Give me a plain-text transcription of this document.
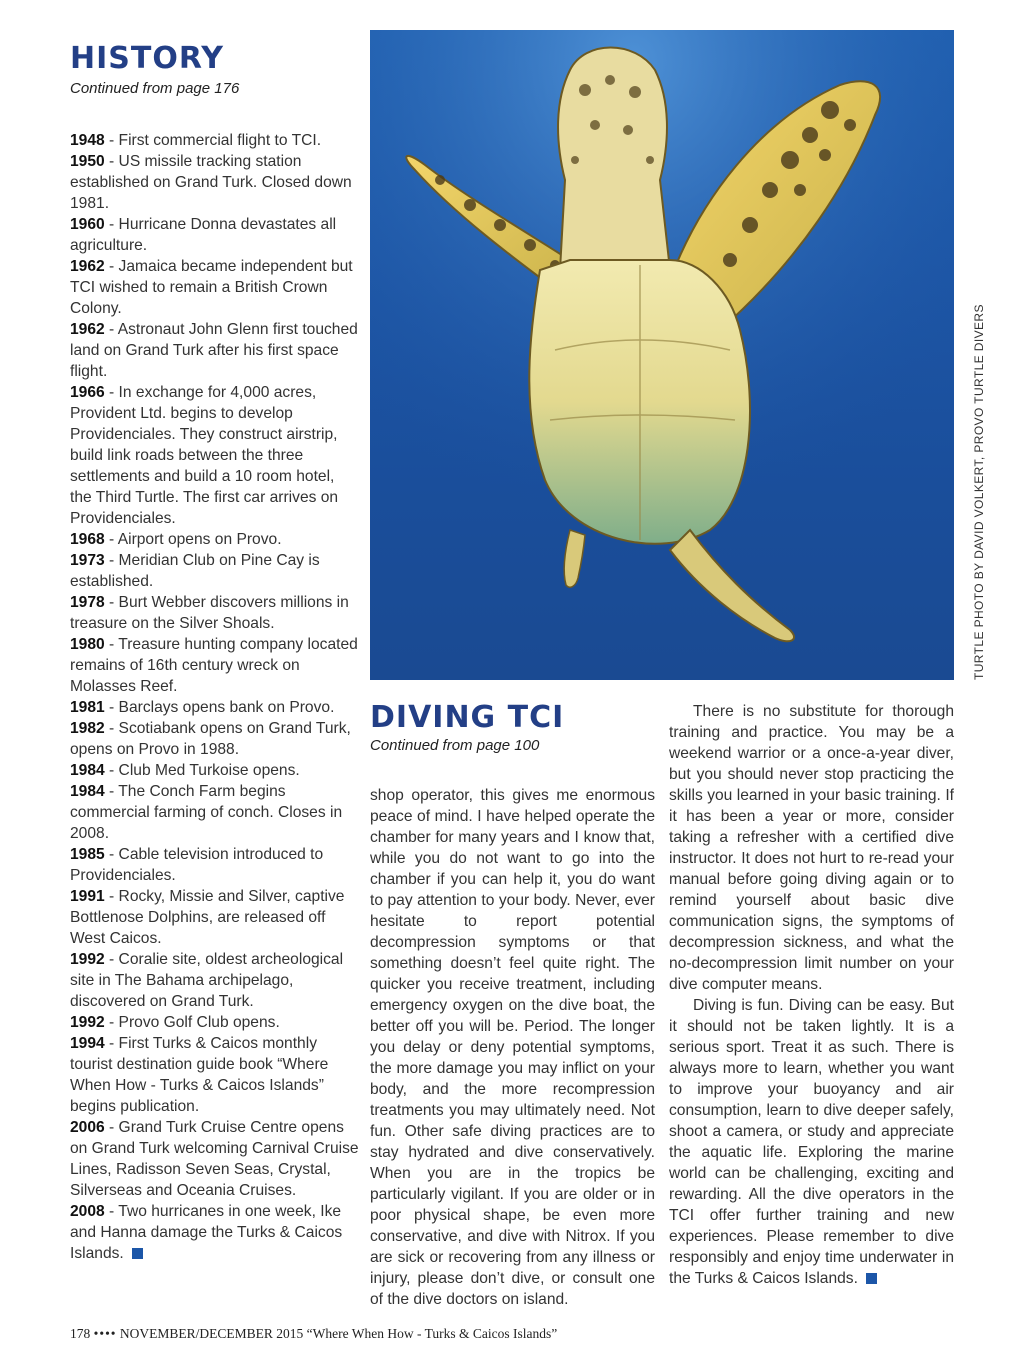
HISTORY
Continued from page 176

1948 - First commercial flight to TCI.

1950 - US missile tracking station established on Grand Turk. Closed down 1981.

1960 - Hurricane Donna devastates all agriculture.

1962 - Jamaica became independent but TCI wished to remain a British Crown Colony.

1962 - Astronaut John Glenn first touched land on Grand Turk after his first space flight.

1966 - In exchange for 4,000 acres, Provident Ltd. begins to develop Providenciales. They construct airstrip, build link roads between the three settlements and build a 10 room hotel, the Third Turtle. The first car arrives on Providenciales.

1968 - Airport opens on Provo.

1973 - Meridian Club on Pine Cay is established.

1978 - Burt Webber discovers millions in treasure on the Silver Shoals.

1980 - Treasure hunting company located remains of 16th century wreck on Molasses Reef.

1981 - Barclays opens bank on Provo.

1982 - Scotiabank opens on Grand Turk, opens on Provo in 1988.

1984 - Club Med Turkoise opens.

1984 - The Conch Farm begins commercial farming of conch. Closes in 2008.

1985 - Cable television introduced to Providenciales.

1991 - Rocky, Missie and Silver, captive Bottlenose Dolphins, are released off West Caicos.

1992 - Coralie site, oldest archeological site in The Bahama archipelago, discovered on Grand Turk.

1992 - Provo Golf Club opens.

1994 - First Turks & Caicos monthly tourist destination guide book “Where When How - Turks & Caicos Islands” begins publication.

2006 - Grand Turk Cruise Centre opens on Grand Turk welcoming Carnival Cruise Lines, Radisson Seven Seas, Crystal, Silverseas and Oceania Cruises.

2008 - Two hurricanes in one week, Ike and Hanna damage the Turks & Caicos Islands.

TURTLE PHOTO BY DAVID VOLKERT, PROVO TURTLE DIVERS
DIVING TCI
Continued from page 100

shop operator, this gives me enormous peace of mind. I have helped operate the chamber for many years and I know that, while you do not want to go into the chamber if you can help it, you do want to pay attention to your body. Never, ever hesitate to report potential decompression symptoms or that something doesn’t feel quite right. The quicker you receive treatment, including emergency oxygen on the dive boat, the better off you will be. Period. The longer you delay or deny potential symptoms, the more damage you may inflict on your body, and the more recompression treatments you may ultimately need. Not fun. Other safe diving practices are to stay hydrated and dive conservatively. When you are in the tropics be particularly vigilant. If you are older or in poor physical shape, be even more conservative, and dive with Nitrox. If you are sick or recovering from any illness or injury, please don’t dive, or consult one of the dive doctors on island.

There is no substitute for thorough training and practice. You may be a weekend warrior or a once-a-year diver, but you should never stop practicing the skills you learned in your basic training. If it has been a year or more, consider taking a refresher with a certified dive instructor. It does not hurt to re-read your manual before going diving again or to remind yourself about basic dive communication signs, the symptoms of decompression sickness, and what the no-decompression limit number on your dive computer means.

Diving is fun. Diving can be easy. But it should not be taken lightly. It is a serious sport. Treat it as such. There is always more to learn, whether you want to improve your buoyancy and air consumption, learn to dive deeper safely, shoot a camera, or study and appreciate the aquatic life. Exploring the marine world can be challenging, exciting and rewarding. All the dive operators in the TCI offer further training and new experiences. Please remember to dive responsibly and enjoy time underwater in the Turks & Caicos Islands.

178 •••• NOVEMBER/DECEMBER 2015 “Where When How - Turks & Caicos Islands”
